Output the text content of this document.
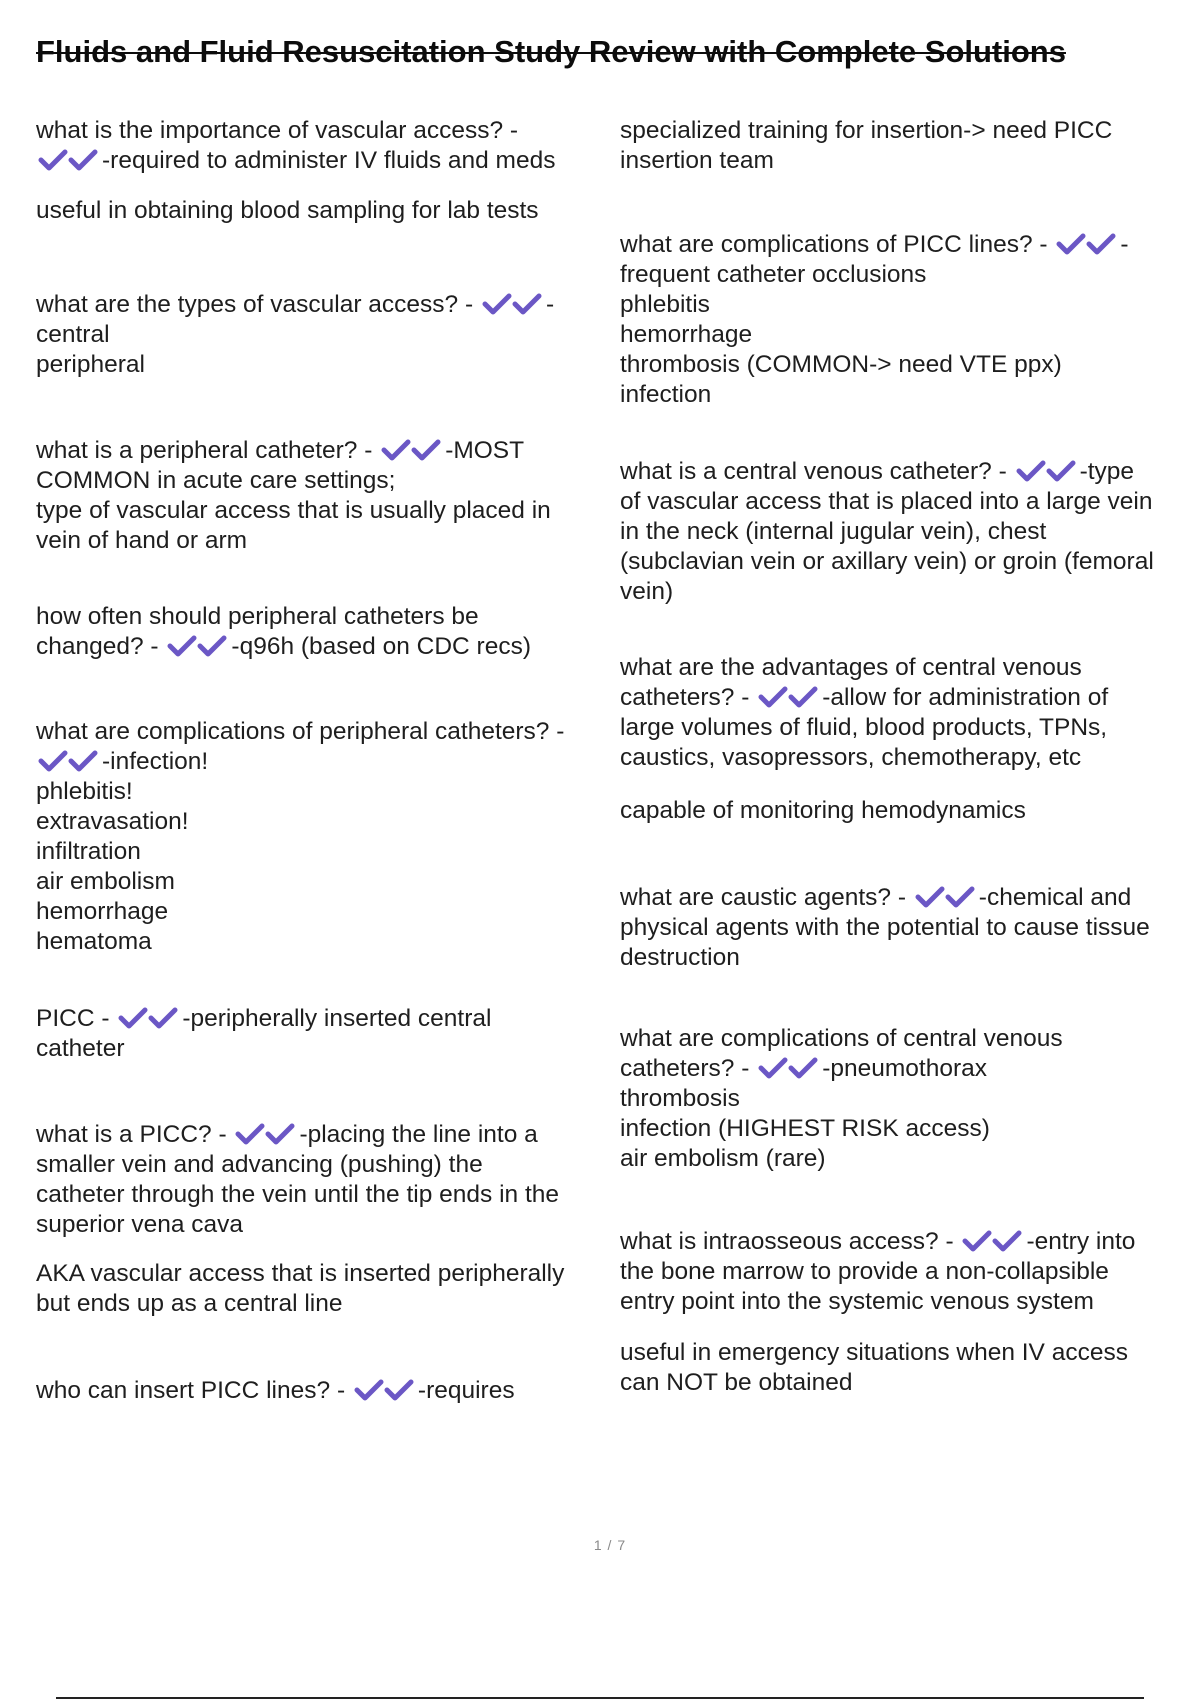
Fluids and Fluid Resuscitation Study Review with Complete Solutions
what is the importance of vascular access? -
-required to administer IV fluids and meds
useful in obtaining blood sampling for lab tests
what are the types of vascular access? -	-
central
peripheral
what is a peripheral catheter? -	-MOST
COMMON in acute care settings;
type of vascular access that is usually placed in
vein of hand or arm
how often should peripheral catheters be
changed? -	-q96h (based on CDC recs)
what are complications of peripheral catheters? -
-infection!
phlebitis!
extravasation!
infiltration
air embolism
hemorrhage
hematoma
PICC -	-peripherally inserted central
catheter
what is a PICC? -	-placing the line into a
smaller vein and advancing (pushing) the
catheter through the vein until the tip ends in the
superior vena cava
AKA vascular access that is inserted peripherally
but ends up as a central line
who can insert PICC lines? -	-requires
specialized training for insertion-> need PICC
insertion team
what are complications of PICC lines? -	-
frequent catheter occlusions
phlebitis
hemorrhage
thrombosis (COMMON-> need VTE ppx)
infection
what is a central venous catheter? -	-type
of vascular access that is placed into a large vein
in the neck (internal jugular vein), chest
(subclavian vein or axillary vein) or groin (femoral
vein)
what are the advantages of central venous
catheters? -	-allow for administration of
large volumes of fluid, blood products, TPNs,
caustics, vasopressors, chemotherapy, etc
capable of monitoring hemodynamics
what are caustic agents? -	-chemical and
physical agents with the potential to cause tissue
destruction
what are complications of central venous
catheters? -	-pneumothorax
thrombosis
infection (HIGHEST RISK access)
air embolism (rare)
what is intraosseous access? -	-entry into
the bone marrow to provide a non-collapsible
entry point into the systemic venous system
useful in emergency situations when IV access
can NOT be obtained
1 / 7
